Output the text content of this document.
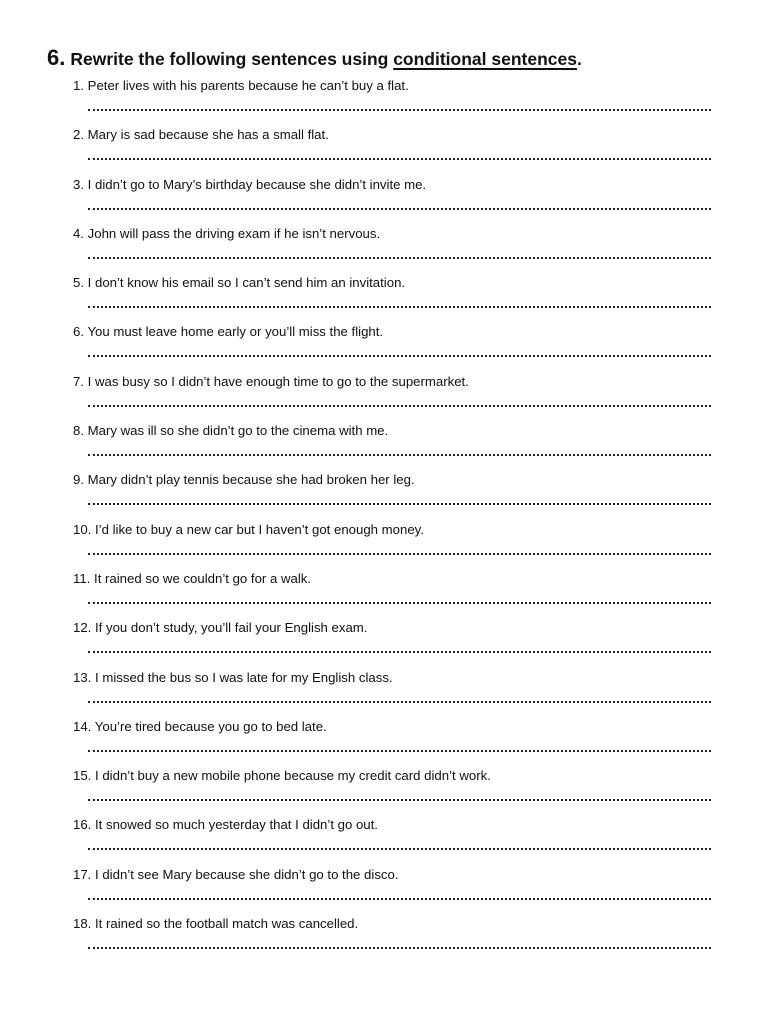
6. Rewrite the following sentences using conditional sentences.
1. Peter lives with his parents because he can’t buy a flat.
2. Mary is sad because she has a small flat.
3. I didn’t go to Mary’s birthday because she didn’t invite me.
4. John will pass the driving exam if he isn’t nervous.
5. I don’t know his email so I can’t send him an invitation.
6. You must leave home early or you’ll miss the flight.
7. I was busy so I didn’t have enough time to go to the supermarket.
8. Mary was ill so she didn’t go to the cinema with me.
9. Mary didn’t play tennis because she had broken her leg.
10. I’d like to buy a new car but I haven’t got enough money.
11. It rained so we couldn’t go for a walk.
12. If you don’t study, you’ll fail your English exam.
13. I missed the bus so I was late for my English class.
14. You’re tired because you go to bed late.
15. I didn’t buy a new mobile phone because my credit card didn’t work.
16. It snowed so much yesterday that I didn’t go out.
17. I didn’t see Mary because she didn’t go to the disco.
18. It rained so the football match was cancelled.
